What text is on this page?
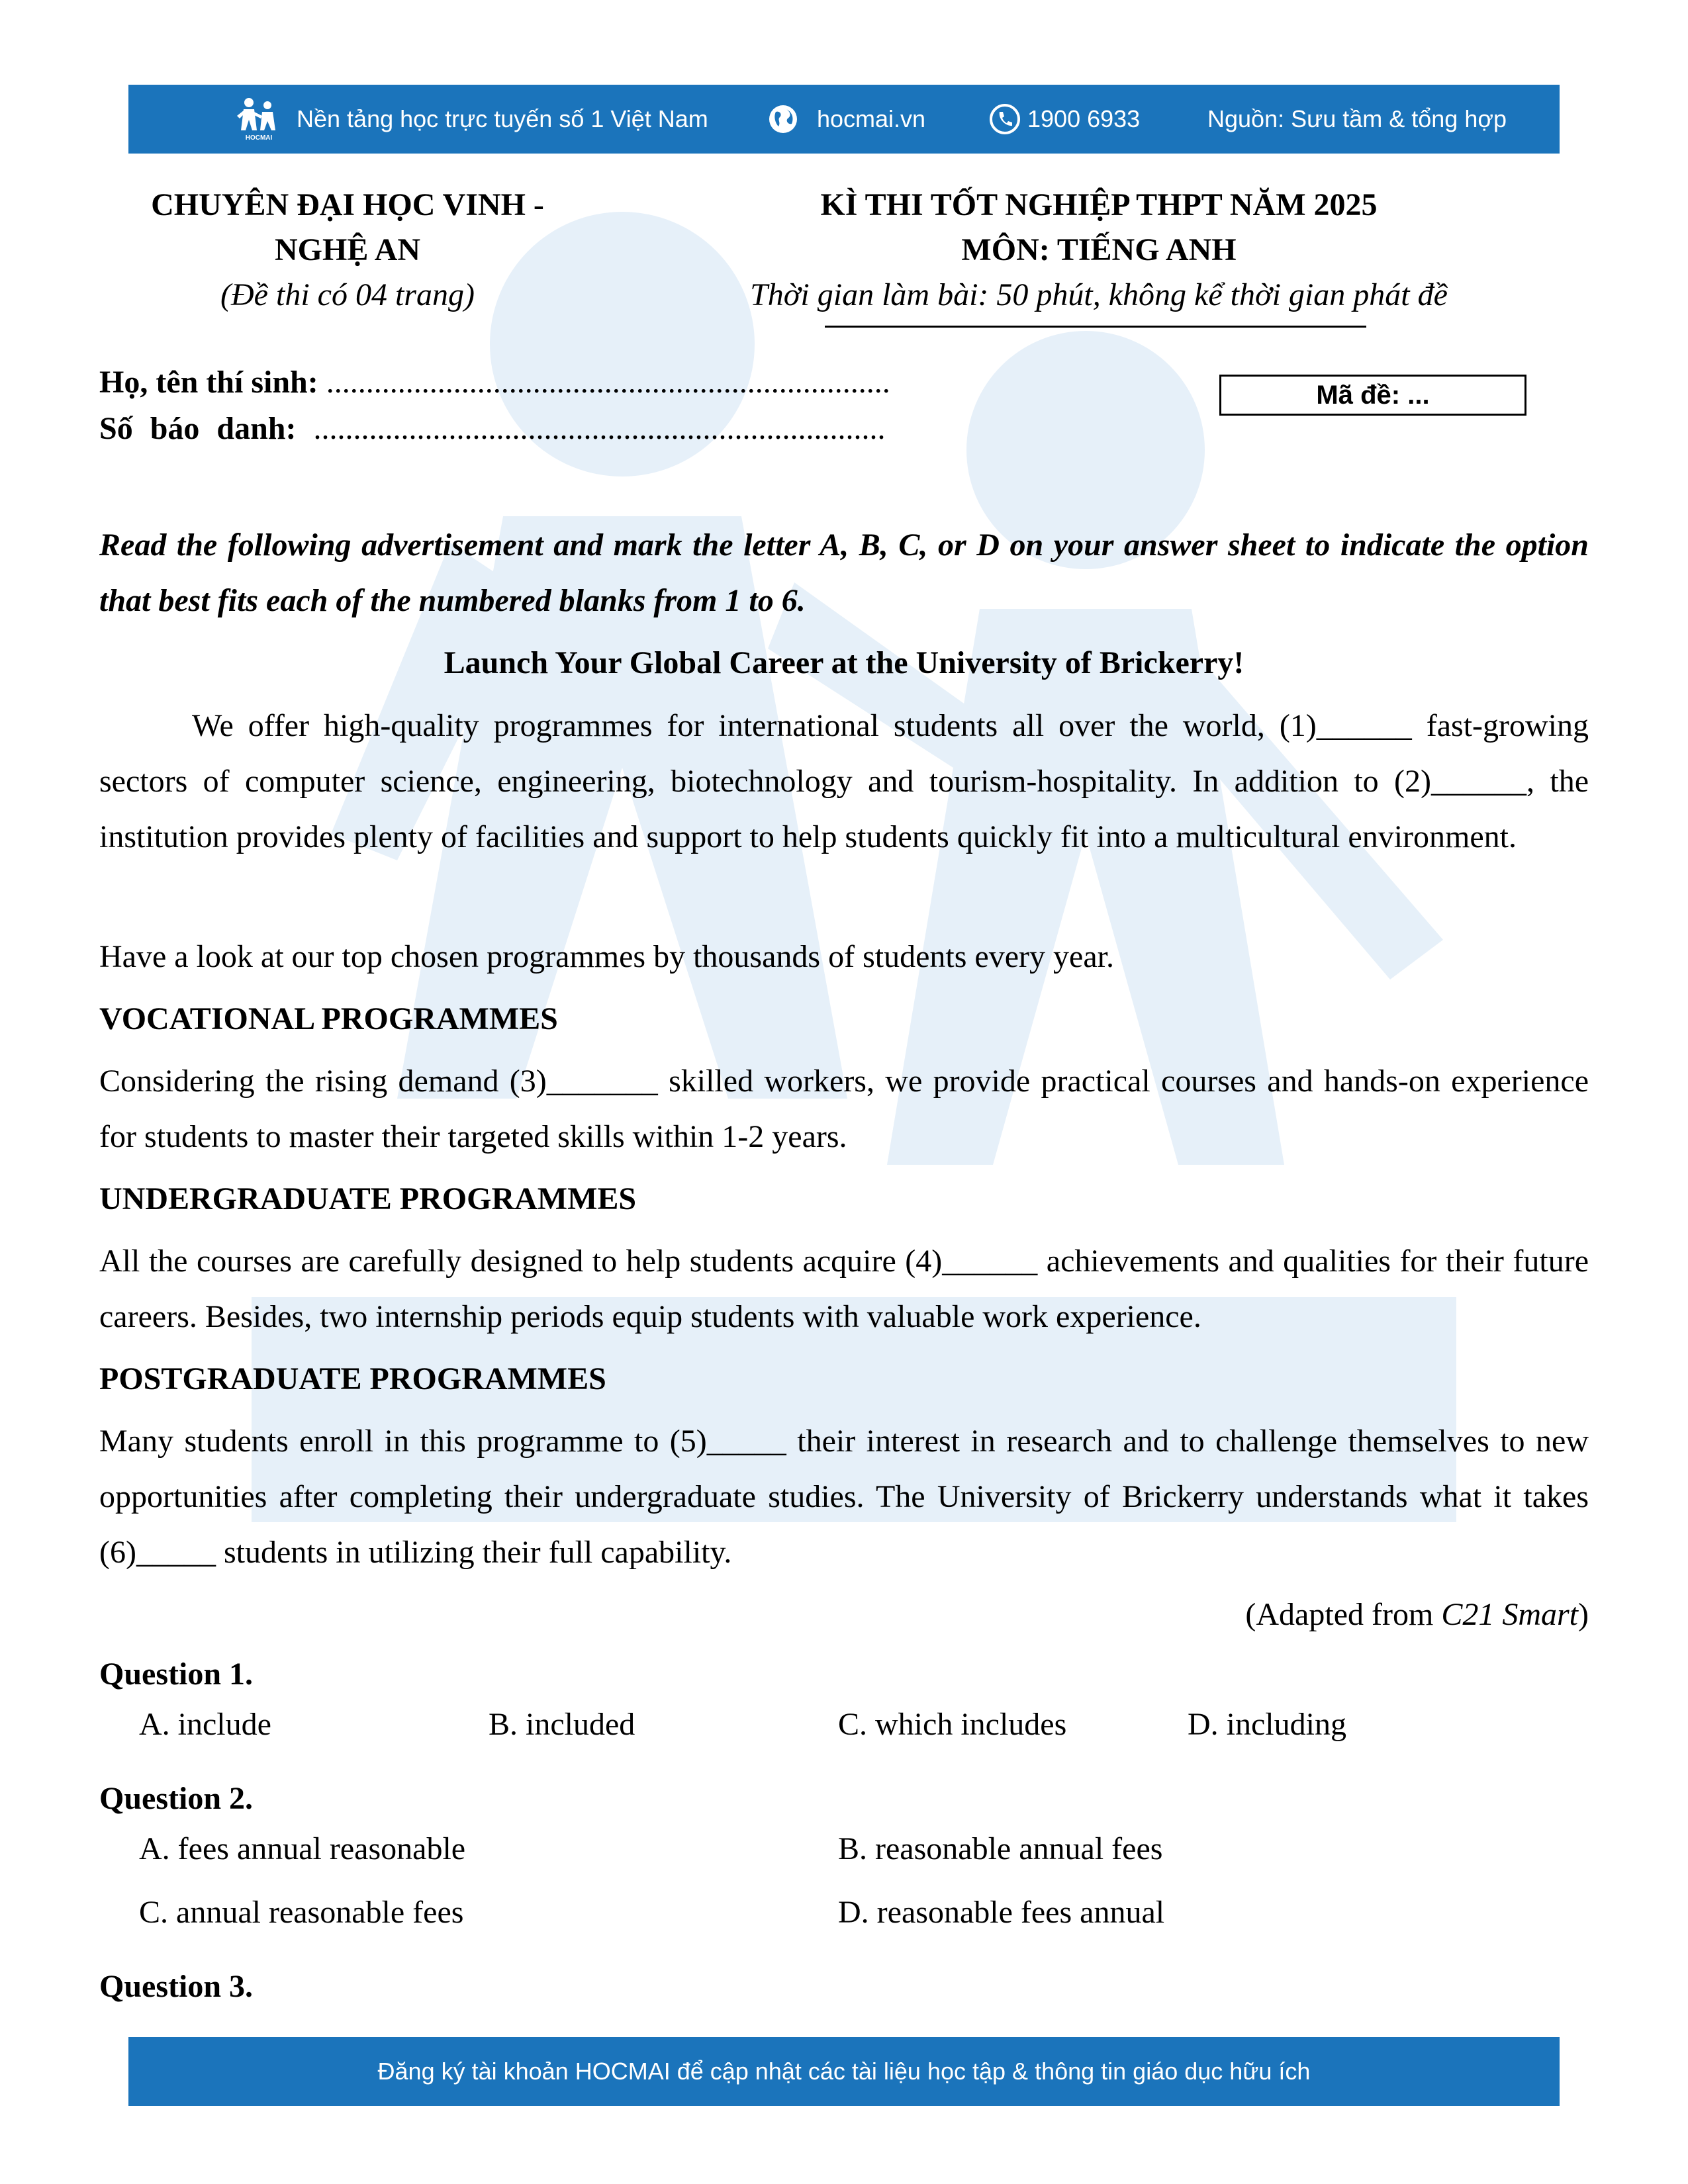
HOCMAI
Nền tảng học trực tuyến số 1 Việt Nam	hocmai.vn	1900 6933	Nguồn: Sưu tầm & tổng hợp
CHUYÊN ĐẠI HỌC VINH -
NGHỆ AN
(Đề thi có 04 trang)
KÌ THI TỐT NGHIỆP THPT NĂM 2025
MÔN: TIẾNG ANH
Thời gian làm bài: 50 phút, không kể thời gian phát đề
Họ, tên thí sinh: .......................................................................
Số báo danh: ........................................................................
Mã đề: ...
Read the following advertisement and mark the letter A, B, C, or D on your answer sheet to indicate the option that best fits each of the numbered blanks from 1 to 6.
Launch Your Global Career at the University of Brickerry!
We offer high-quality programmes for international students all over the world, (1)______ fast-growing sectors of computer science, engineering, biotechnology and tourism-hospitality. In addition to (2)______, the institution provides plenty of facilities and support to help students quickly fit into a multicultural environment.
Have a look at our top chosen programmes by thousands of students every year.
VOCATIONAL PROGRAMMES
Considering the rising demand (3)_______ skilled workers, we provide practical courses and hands-on experience for students to master their targeted skills within 1-2 years.
UNDERGRADUATE PROGRAMMES
All the courses are carefully designed to help students acquire (4)______ achievements and qualities for their future careers. Besides, two internship periods equip students with valuable work experience.
POSTGRADUATE PROGRAMMES
Many students enroll in this programme to (5)_____ their interest in research and to challenge themselves to new opportunities after completing their undergraduate studies. The University of Brickerry understands what it takes (6)_____ students in utilizing their full capability.
(Adapted from C21 Smart)
Question 1.
A. include	B. included	C. which includes	D. including
Question 2.
A. fees annual reasonable	B. reasonable annual fees
C. annual reasonable fees	D. reasonable fees annual
Question 3.
Đăng ký tài khoản HOCMAI để cập nhật các tài liệu học tập & thông tin giáo dục hữu ích
